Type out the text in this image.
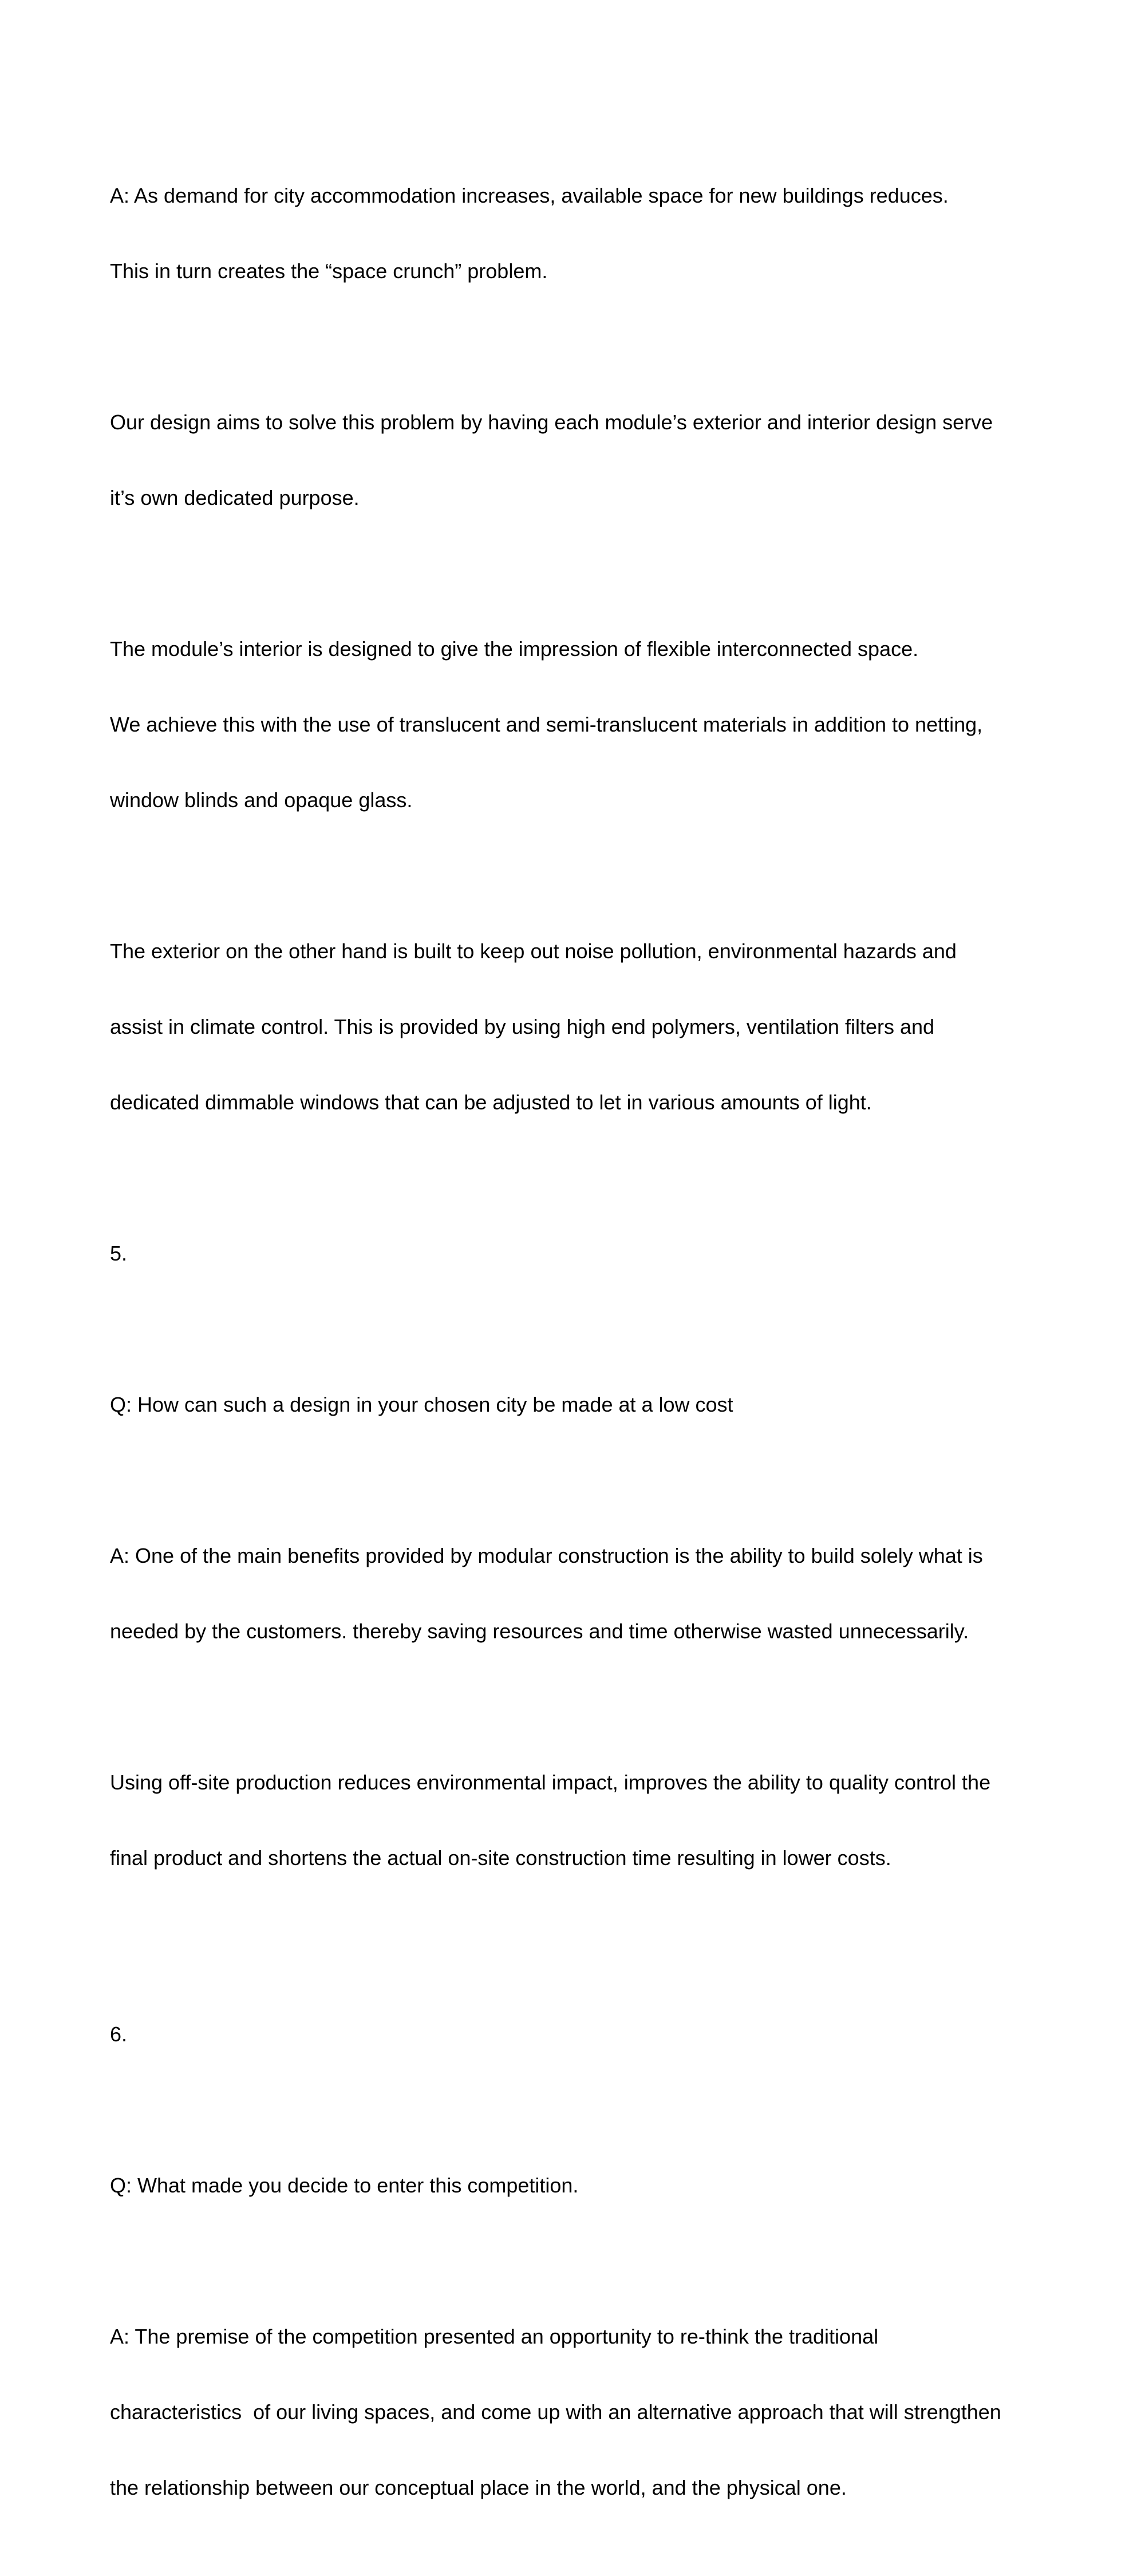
A: As demand for city accommodation increases, available space for new buildings reduces.

This in turn creates the “space crunch” problem.

Our design aims to solve this problem by having each module’s exterior and interior design serve

it’s own dedicated purpose.

The module’s interior is designed to give the impression of flexible interconnected space.

We achieve this with the use of translucent and semi-translucent materials in addition to netting,

window blinds and opaque glass.

The exterior on the other hand is built to keep out noise pollution, environmental hazards and

assist in climate control. This is provided by using high end polymers, ventilation filters and

dedicated dimmable windows that can be adjusted to let in various amounts of light.

5.

Q: How can such a design in your chosen city be made at a low cost

A: One of the main benefits provided by modular construction is the ability to build solely what is

needed by the customers. thereby saving resources and time otherwise wasted unnecessarily.

Using off-site production reduces environmental impact, improves the ability to quality control the

final product and shortens the actual on-site construction time resulting in lower costs.

6.

Q: What made you decide to enter this competition.

A: The premise of the competition presented an opportunity to re-think the traditional

characteristics  of our living spaces, and come up with an alternative approach that will strengthen

the relationship between our conceptual place in the world, and the physical one.
